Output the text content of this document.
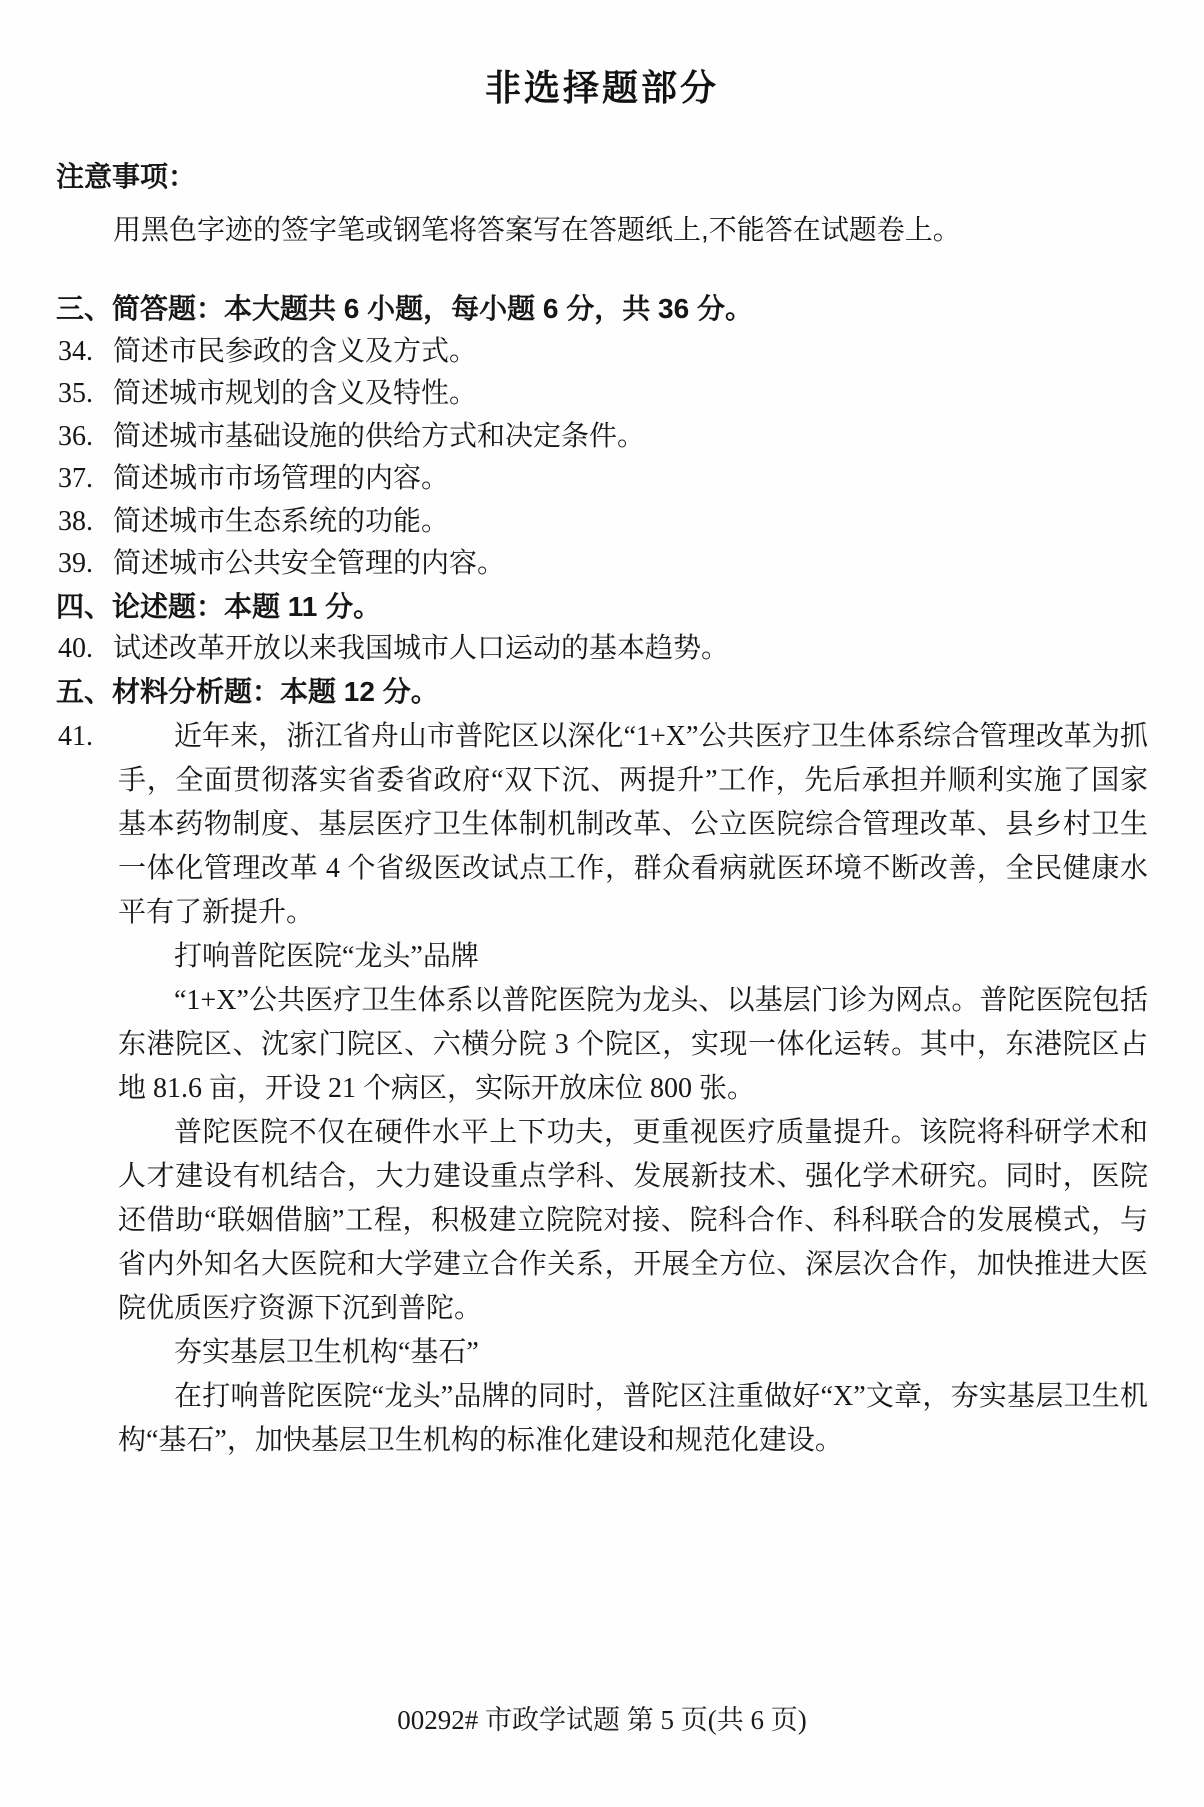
非选择题部分
注意事项：
用黑色字迹的签字笔或钢笔将答案写在答题纸上,不能答在试题卷上。
三、简答题：本大题共 6 小题，每小题 6 分，共 36 分。
34. 简述市民参政的含义及方式。
35. 简述城市规划的含义及特性。
36. 简述城市基础设施的供给方式和决定条件。
37. 简述城市市场管理的内容。
38. 简述城市生态系统的功能。
39. 简述城市公共安全管理的内容。
四、论述题：本题 11 分。
40. 试述改革开放以来我国城市人口运动的基本趋势。
五、材料分析题：本题 12 分。
41.	近年来，浙江省舟山市普陀区以深化“1+X”公共医疗卫生体系综合管理改革为抓手，全面贯彻落实省委省政府“双下沉、两提升”工作，先后承担并顺利实施了国家基本药物制度、基层医疗卫生体制机制改革、公立医院综合管理改革、县乡村卫生一体化管理改革 4 个省级医改试点工作，群众看病就医环境不断改善，全民健康水平有了新提升。

打响普陀医院“龙头”品牌

“1+X”公共医疗卫生体系以普陀医院为龙头、以基层门诊为网点。普陀医院包括东港院区、沈家门院区、六横分院 3 个院区，实现一体化运转。其中，东港院区占地 81.6 亩，开设 21 个病区，实际开放床位 800 张。

普陀医院不仅在硬件水平上下功夫，更重视医疗质量提升。该院将科研学术和人才建设有机结合，大力建设重点学科、发展新技术、强化学术研究。同时，医院还借助“联姻借脑”工程，积极建立院院对接、院科合作、科科联合的发展模式，与省内外知名大医院和大学建立合作关系，开展全方位、深层次合作，加快推进大医院优质医疗资源下沉到普陀。

夯实基层卫生机构“基石”

在打响普陀医院“龙头”品牌的同时，普陀区注重做好“X”文章，夯实基层卫生机构“基石”，加快基层卫生机构的标准化建设和规范化建设。

00292# 市政学试题 第 5 页(共 6 页)
